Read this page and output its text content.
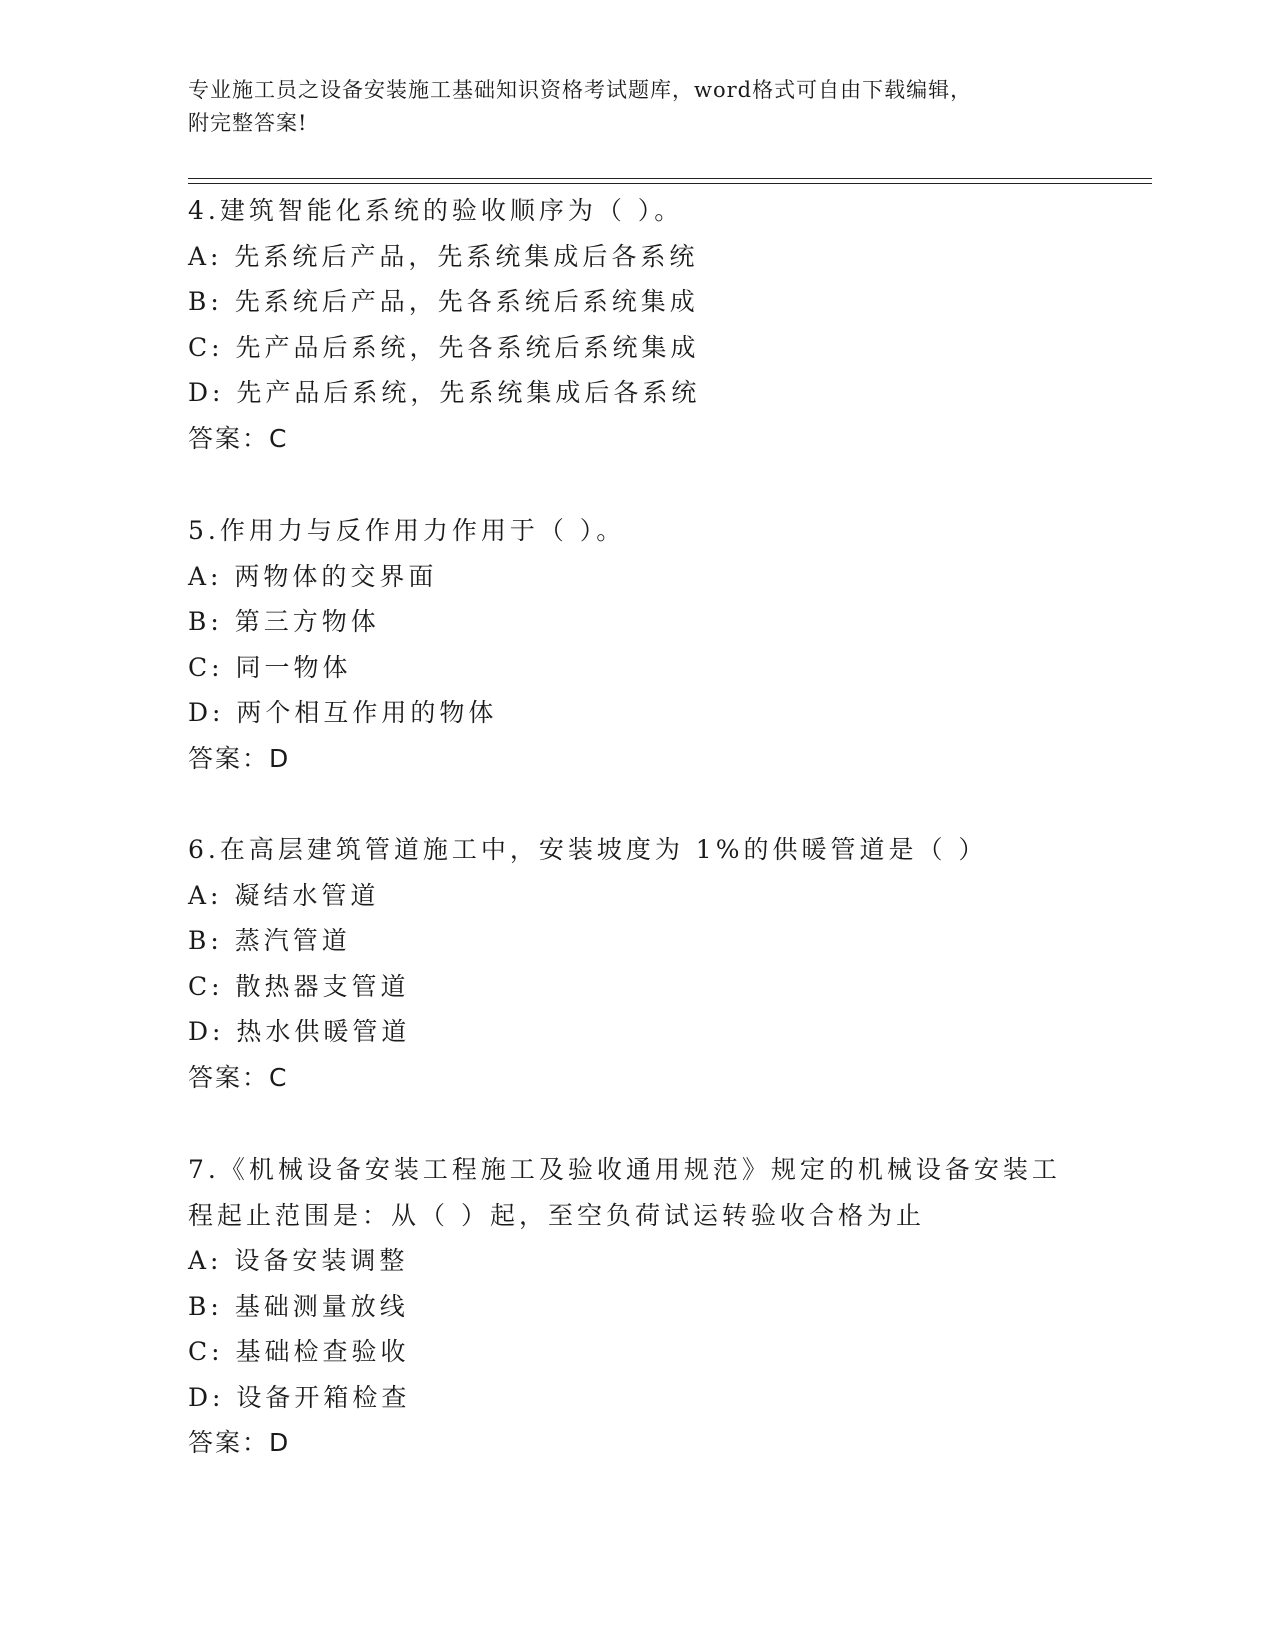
专业施工员之设备安装施工基础知识资格考试题库，word格式可自由下载编辑，
附完整答案!
4.建筑智能化系统的验收顺序为（ ）。
A: 先系统后产品，先系统集成后各系统
B: 先系统后产品，先各系统后系统集成
C: 先产品后系统，先各系统后系统集成
D: 先产品后系统，先系统集成后各系统
答案：C
5.作用力与反作用力作用于（ ）。
A: 两物体的交界面
B: 第三方物体
C: 同一物体
D: 两个相互作用的物体
答案：D
6.在高层建筑管道施工中，安装坡度为 1%的供暖管道是（ ）
A: 凝结水管道
B: 蒸汽管道
C: 散热器支管道
D: 热水供暖管道
答案：C
7.《机械设备安装工程施工及验收通用规范》规定的机械设备安装工
程起止范围是：从（ ）起，至空负荷试运转验收合格为止
A: 设备安装调整
B: 基础测量放线
C: 基础检查验收
D: 设备开箱检查
答案：D
